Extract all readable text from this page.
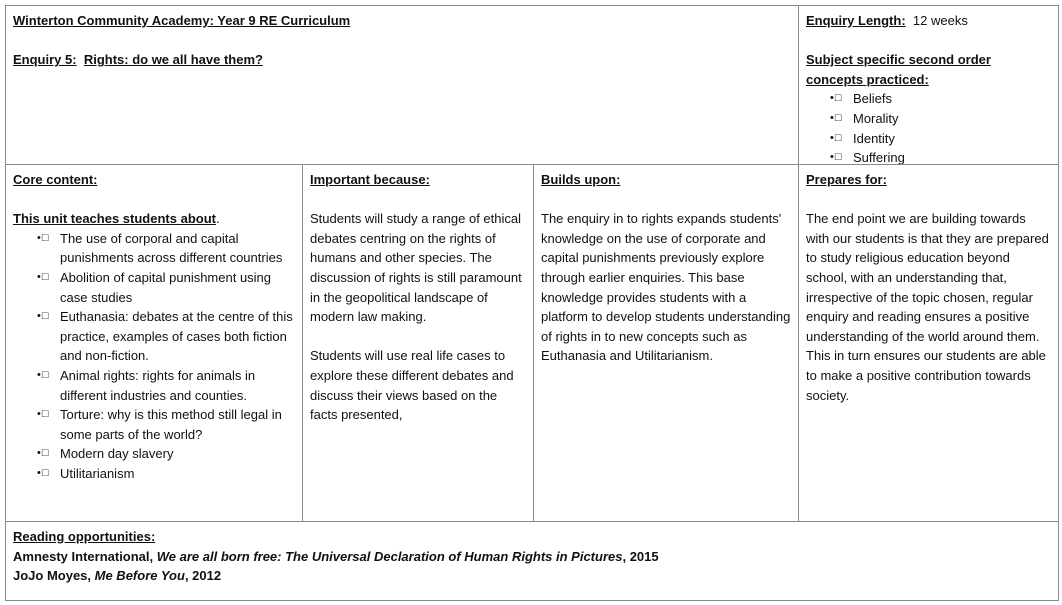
Winterton Community Academy: Year 9 RE Curriculum
Enquiry 5: Rights: do we all have them?
Enquiry Length: 12 weeks
Subject specific second order concepts practiced:
•□ Beliefs
•□ Morality
•□ Identity
•□ Suffering
Core content:
This unit teaches students about.
•□ The use of corporal and capital punishments across different countries
•□ Abolition of capital punishment using case studies
•□ Euthanasia: debates at the centre of this practice, examples of cases both fiction and non-fiction.
•□ Animal rights: rights for animals in different industries and counties.
•□ Torture: why is this method still legal in some parts of the world?
•□ Modern day slavery
•□ Utilitarianism
Important because:

Students will study a range of ethical debates centring on the rights of humans and other species. The discussion of rights is still paramount in the geopolitical landscape of modern law making.

Students will use real life cases to explore these different debates and discuss their views based on the facts presented,

Builds upon:

The enquiry in to rights expands students' knowledge on the use of corporate and capital punishments previously explore through earlier enquiries. This base knowledge provides students with a platform to develop students understanding of rights in to new concepts such as Euthanasia and Utilitarianism.

Prepares for:

The end point we are building towards with our students is that they are prepared to study religious education beyond school, with an understanding that, irrespective of the topic chosen, regular enquiry and reading ensures a positive understanding of the world around them. This in turn ensures our students are able to make a positive contribution towards society.

Reading opportunities:
Amnesty International, We are all born free: The Universal Declaration of Human Rights in Pictures, 2015
JoJo Moyes, Me Before You, 2012
